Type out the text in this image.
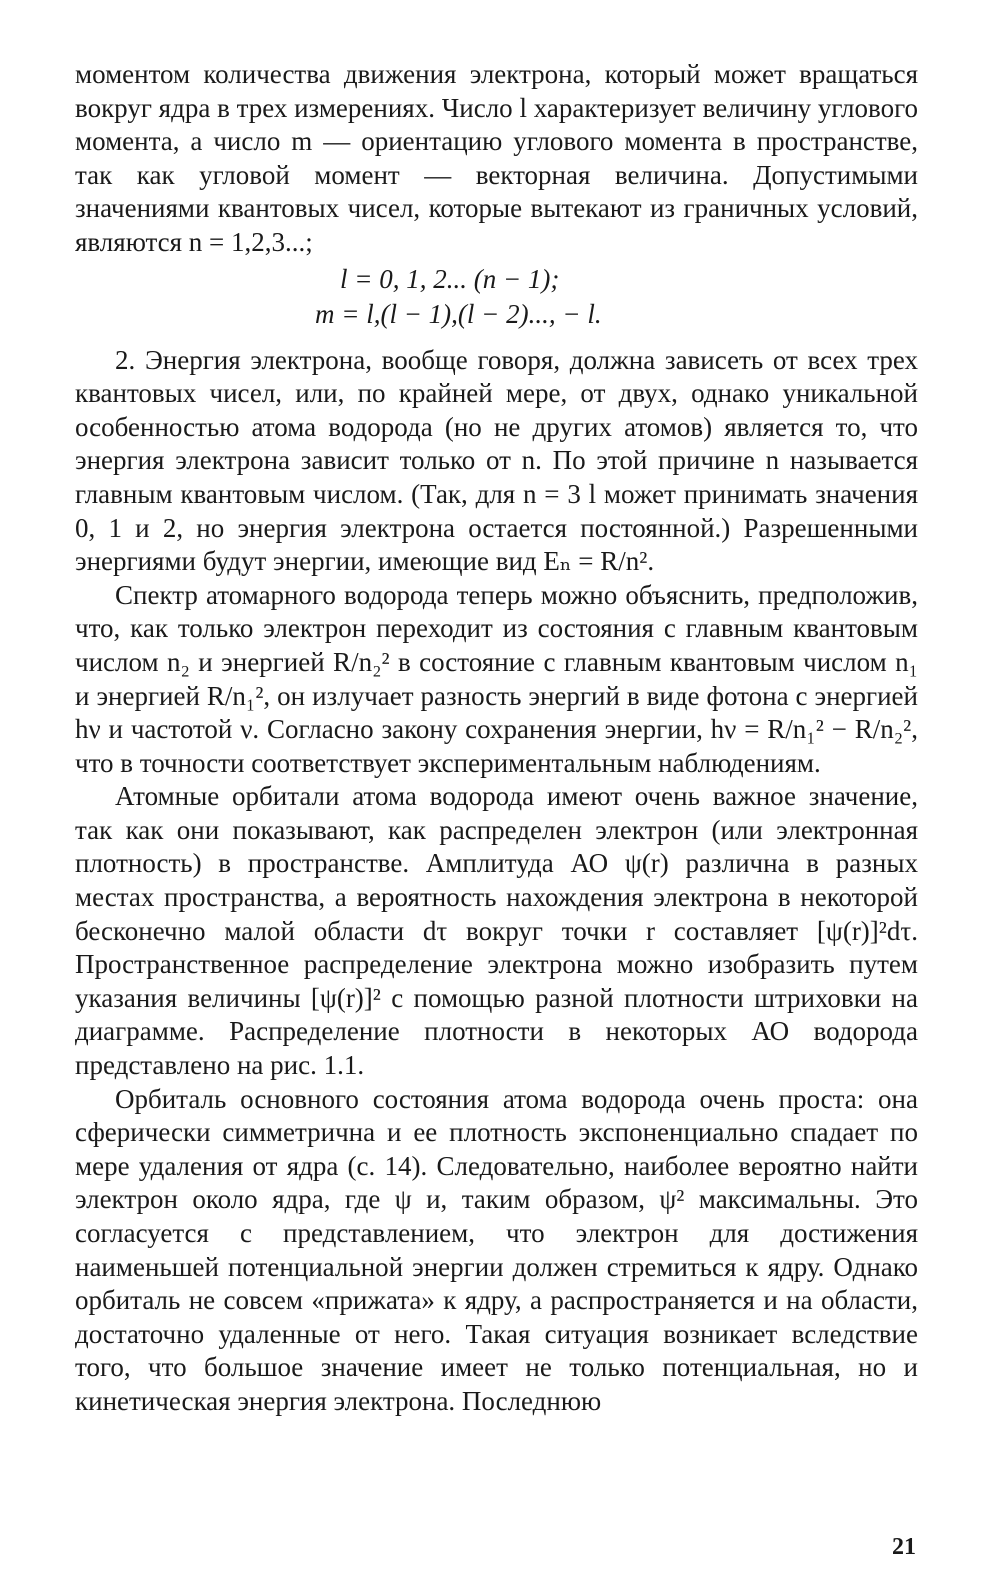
моментом количества движения электрона, который может вращаться вокруг ядра в трех измерениях. Число l характеризует величину углового момента, а число m — ориентацию углового момента в пространстве, так как угловой момент — векторная величина. Допустимыми значениями квантовых чисел, которые вытекают из граничных условий, являются n = 1,2,3...;

l = 0, 1, 2... (n − 1);
m = l,(l − 1),(l − 2)..., − l.

2. Энергия электрона, вообще говоря, должна зависеть от всех трех квантовых чисел, или, по крайней мере, от двух, однако уникальной особенностью атома водорода (но не других атомов) является то, что энергия электрона зависит только от n. По этой причине n называется главным квантовым числом. (Так, для n = 3 l может принимать значения 0, 1 и 2, но энергия электрона остается постоянной.) Разрешенными энергиями будут энергии, имеющие вид Eₙ = R/n².

Спектр атомарного водорода теперь можно объяснить, предположив, что, как только электрон переходит из состояния с главным квантовым числом n₂ и энергией R/n₂² в состояние с главным квантовым числом n₁ и энергией R/n₁², он излучает разность энергий в виде фотона с энергией hν и частотой ν. Согласно закону сохранения энергии, hν = R/n₁² − R/n₂², что в точности соответствует экспериментальным наблюдениям.

Атомные орбитали атома водорода имеют очень важное значение, так как они показывают, как распределен электрон (или электронная плотность) в пространстве. Амплитуда АО ψ(r) различна в разных местах пространства, а вероятность нахождения электрона в некоторой бесконечно малой области dτ вокруг точки r составляет [ψ(r)]²dτ. Пространственное распределение электрона можно изобразить путем указания величины [ψ(r)]² с помощью разной плотности штриховки на диаграмме. Распределение плотности в некоторых АО водорода представлено на рис. 1.1.

Орбиталь основного состояния атома водорода очень проста: она сферически симметрична и ее плотность экспоненциально спадает по мере удаления от ядра (с. 14). Следовательно, наиболее вероятно найти электрон около ядра, где ψ и, таким образом, ψ² максимальны. Это согласуется с представлением, что электрон для достижения наименьшей потенциальной энергии должен стремиться к ядру. Однако орбиталь не совсем «прижата» к ядру, а распространяется и на области, достаточно удаленные от него. Такая ситуация возникает вследствие того, что большое значение имеет не только потенциальная, но и кинетическая энергия электрона. Последнюю

21
